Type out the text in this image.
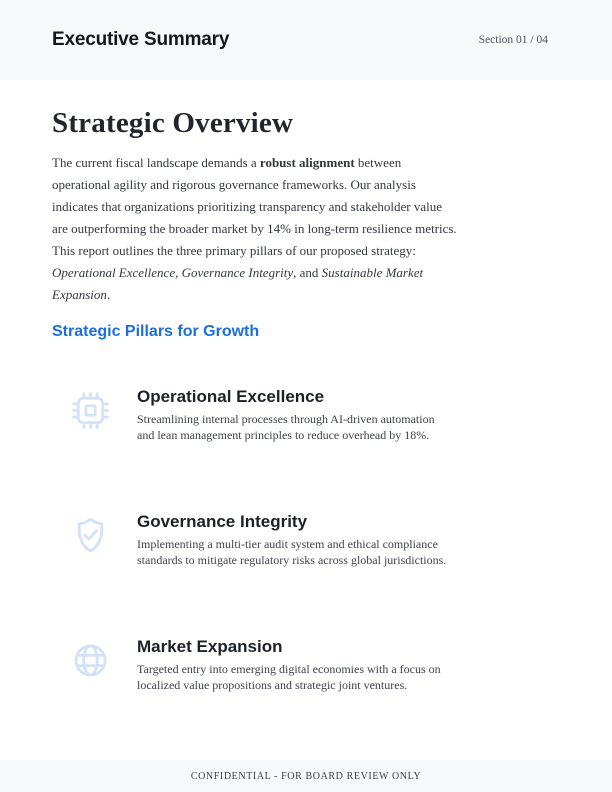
Executive Summary	Section 01 / 04
Strategic Overview

The current fiscal landscape demands a robust alignment between
operational agility and rigorous governance frameworks. Our analysis
indicates that organizations prioritizing transparency and stakeholder value
are outperforming the broader market by 14% in long-term resilience metrics.
This report outlines the three primary pillars of our proposed strategy:
Operational Excellence, Governance Integrity, and Sustainable Market
Expansion.

Strategic Pillars for Growth
Operational Excellence
Streamlining internal processes through AI-driven automation
and lean management principles to reduce overhead by 18%.
Governance Integrity
Implementing a multi-tier audit system and ethical compliance
standards to mitigate regulatory risks across global jurisdictions.
Market Expansion
Targeted entry into emerging digital economies with a focus on
localized value propositions and strategic joint ventures.
CONFIDENTIAL - FOR BOARD REVIEW ONLY
